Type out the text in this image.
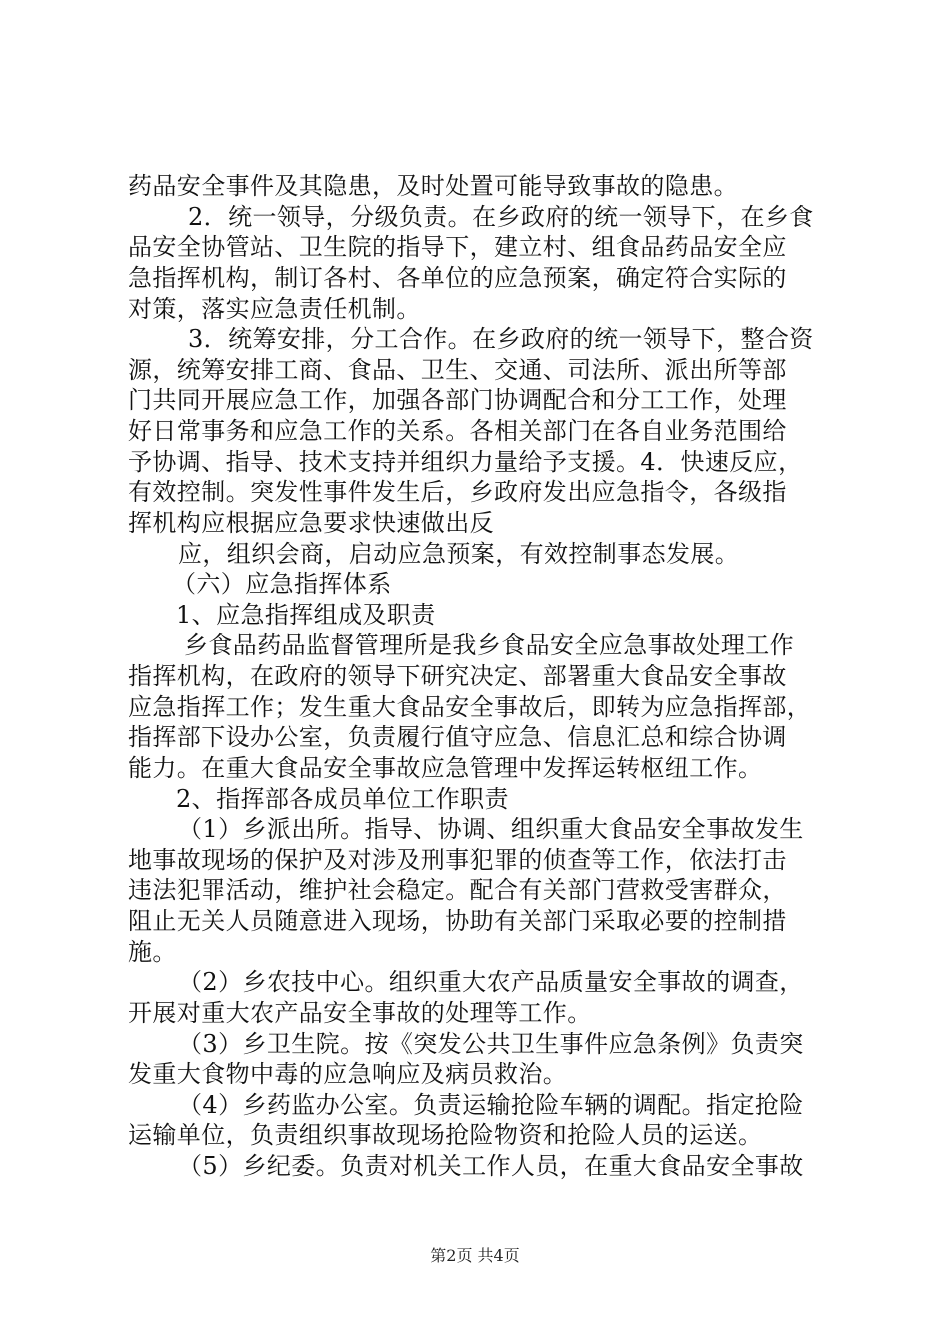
药品安全事件及其隐患，及时处置可能导致事故的隐患。
2．统一领导，分级负责。在乡政府的统一领导下，在乡食
品安全协管站、卫生院的指导下，建立村、组食品药品安全应
急指挥机构，制订各村、各单位的应急预案，确定符合实际的
对策，落实应急责任机制。
3．统筹安排，分工合作。在乡政府的统一领导下，整合资
源，统筹安排工商、食品、卫生、交通、司法所、派出所等部
门共同开展应急工作，加强各部门协调配合和分工工作，处理
好日常事务和应急工作的关系。各相关部门在各自业务范围给
予协调、指导、技术支持并组织力量给予支援。4．快速反应，
有效控制。突发性事件发生后，乡政府发出应急指令，各级指
挥机构应根据应急要求快速做出反
应，组织会商，启动应急预案，有效控制事态发展。
（六）应急指挥体系
1、应急指挥组成及职责
乡食品药品监督管理所是我乡食品安全应急事故处理工作
指挥机构，在政府的领导下研究决定、部署重大食品安全事故
应急指挥工作；发生重大食品安全事故后，即转为应急指挥部，
指挥部下设办公室，负责履行值守应急、信息汇总和综合协调
能力。在重大食品安全事故应急管理中发挥运转枢纽工作。
2、指挥部各成员单位工作职责
（1）乡派出所。指导、协调、组织重大食品安全事故发生
地事故现场的保护及对涉及刑事犯罪的侦查等工作，依法打击
违法犯罪活动，维护社会稳定。配合有关部门营救受害群众，
阻止无关人员随意进入现场，协助有关部门采取必要的控制措
施。
（2）乡农技中心。组织重大农产品质量安全事故的调查，
开展对重大农产品安全事故的处理等工作。
（3）乡卫生院。按《突发公共卫生事件应急条例》负责突
发重大食物中毒的应急响应及病员救治。
（4）乡药监办公室。负责运输抢险车辆的调配。指定抢险
运输单位，负责组织事故现场抢险物资和抢险人员的运送。
（5）乡纪委。负责对机关工作人员，在重大食品安全事故
第2页 共4页
